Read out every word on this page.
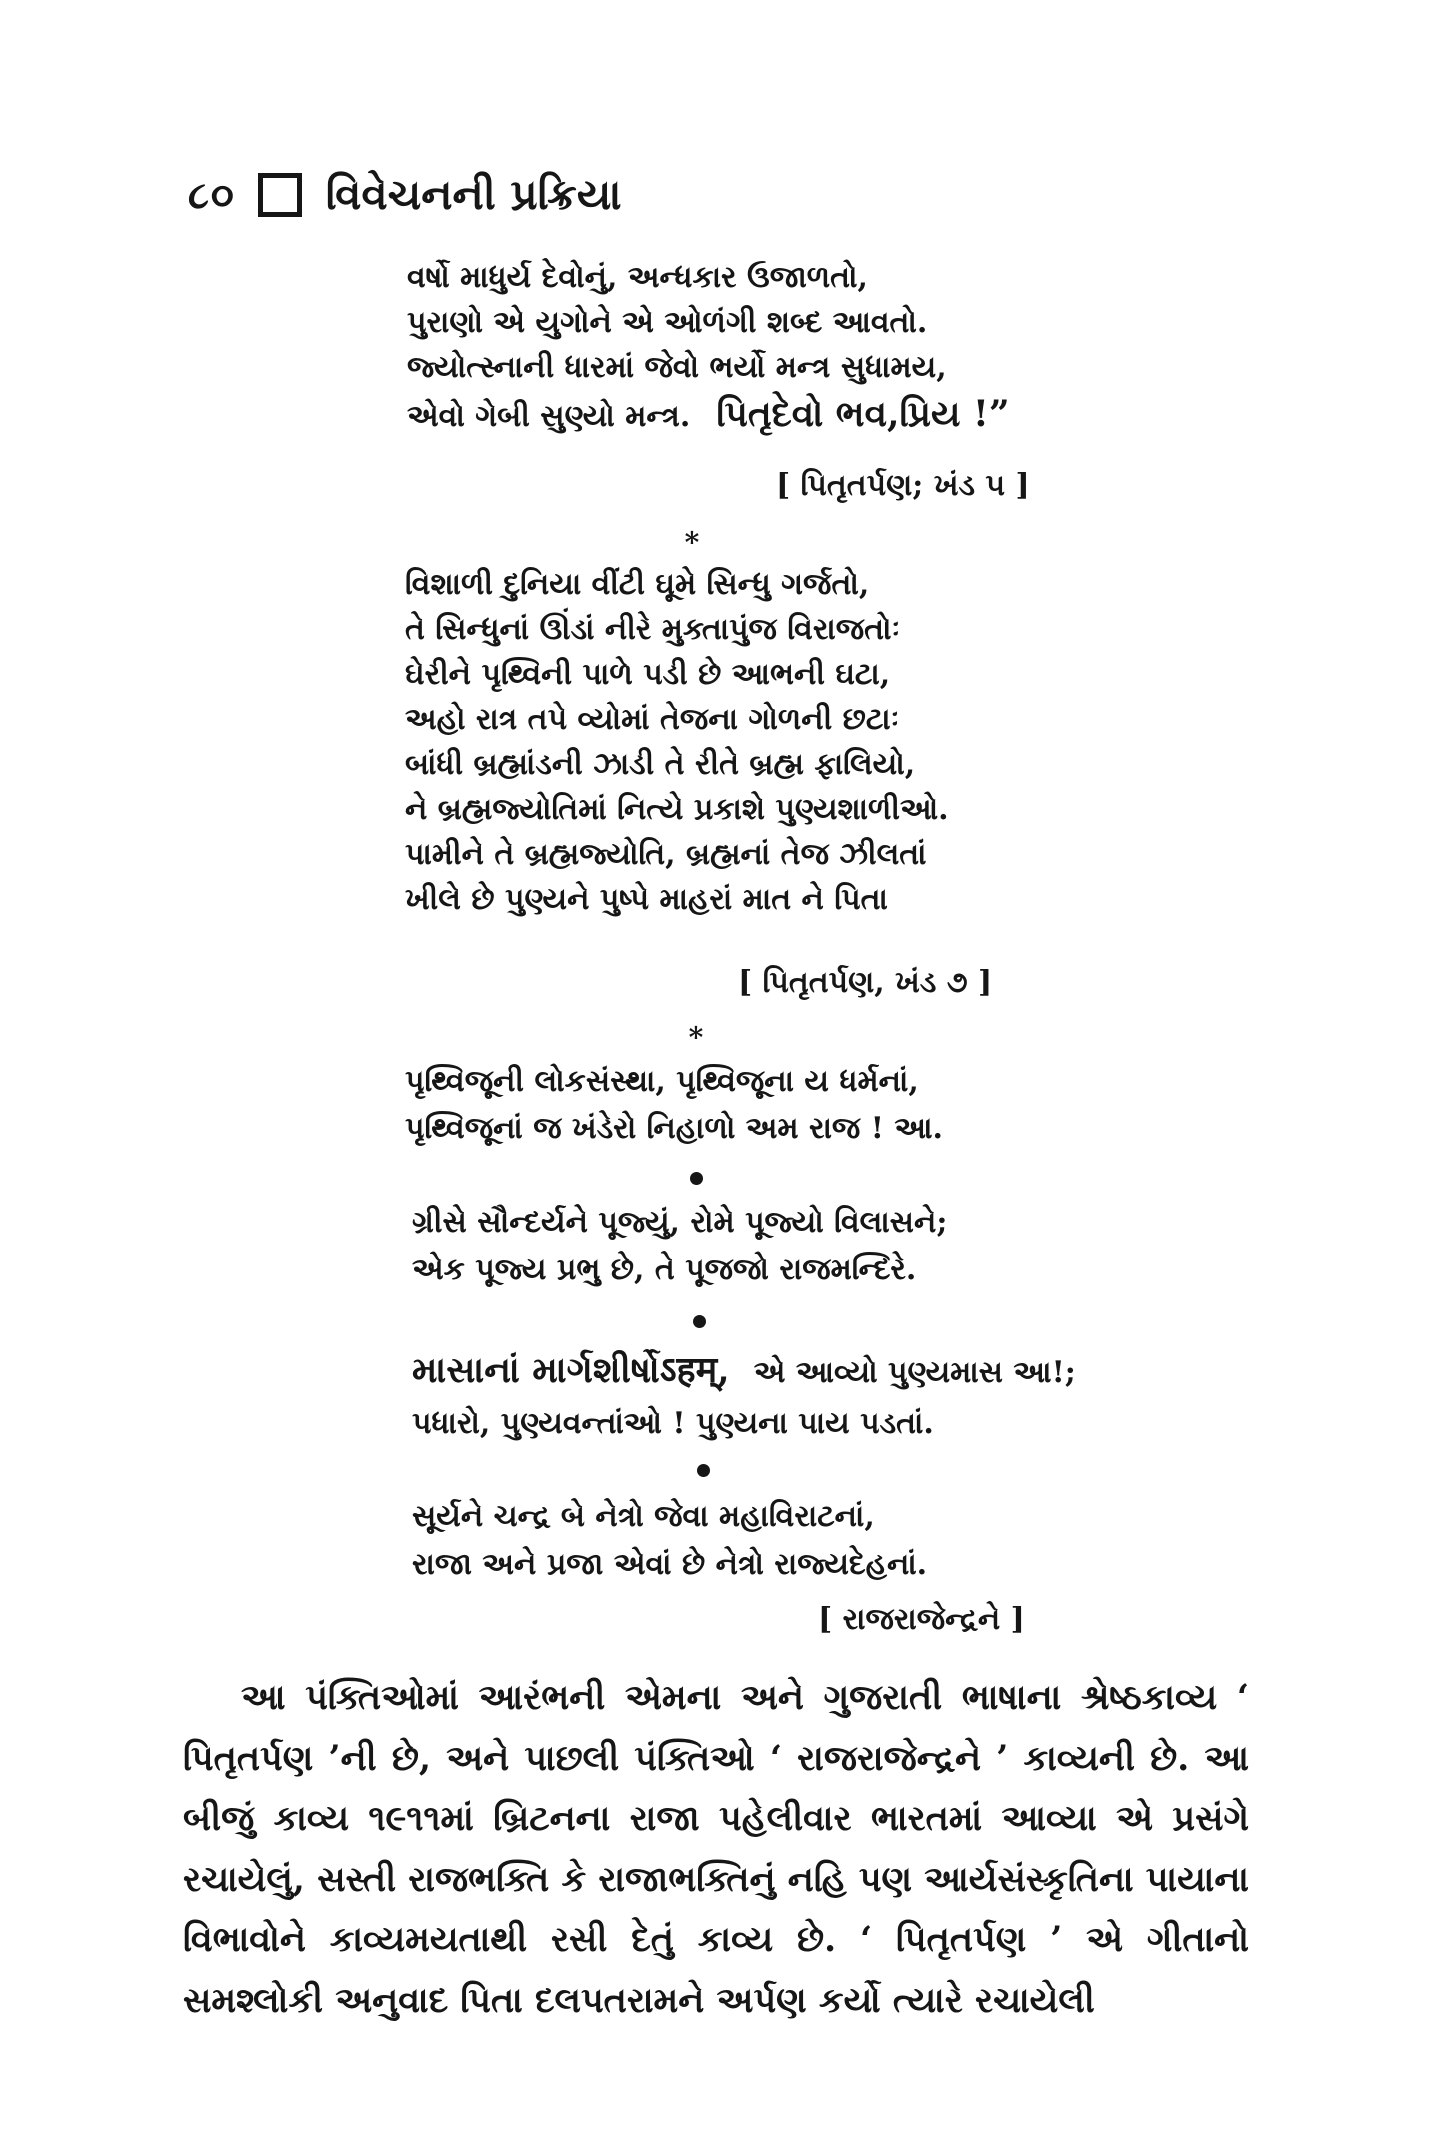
૮૦ વિવેચનની પ્રક્રિયા
વર્ષો માધુર્ય દેવોનું, અન્ધકાર ઉજાળતો,
પુરાણો એ યુગોને એ ઓળંગી શબ્દ આવતો.
જ્યોત્સ્નાની ધારમાં જેવો ભર્યો મન્ત્ર સુધામય,
એવો ગેબી સુણ્યો મન્ત્ર. પિતૃદેવો ભવ,પ્રિય !”
[ પિતૃતર્પણ; ખંડ ૫ ]
*
વિશાળી દુનિયા વીંટી ઘૂમે સિન્ધુ ગર્જતો,
તે સિન્ધુનાં ઊંડાં નીરે મુક્તાપુંજ વિરાજતોઃ
ઘેરીને પૃથ્વિની પાળે પડી છે આભની ઘટા,
અહો રાત્ર તપે વ્યોમાં તેજના ગોળની છટાઃ
બાંધી બ્રહ્માંડની ઝાડી તે રીતે બ્રહ્મ ફાલિયો,
ને બ્રહ્મજ્યોતિમાં નિત્યે પ્રકાશે પુણ્યશાળીઓ.
પામીને તે બ્રહ્મજ્યોતિ, બ્રહ્મનાં તેજ ઝીલતાં
ખીલે છે પુણ્યને પુષ્પે માહરાં માત ને પિતા
[ પિતૃતર્પણ, ખંડ ૭ ]
*
પૃથ્વિજૂની લોકસંસ્થા, પૃથ્વિજૂના ય ધર્મનાં,
પૃથ્વિજૂનાં જ ખંડેરો નિહાળો અમ રાજ ! આ.
ગ્રીસે સૌન્દર્યને પૂજ્યું, રોમે પૂજ્યો વિલાસને;
એક પૂજ્ય પ્રભુ છે, તે પૂજજો રાજમન્દિરે.
માસાનાં માર્ગશીર્ષોऽहम्, એ આવ્યો પુણ્યમાસ આ!;
પધારો, પુણ્યવન્તાંઓ ! પુણ્યના પાય પડતાં.
સૂર્યને ચન્દ્ર બે નેત્રો જેવા મહાવિરાટનાં,
રાજા અને પ્રજા એવાં છે નેત્રો રાજ્યદેહનાં.
[ રાજરાજેન્દ્રને ]

આ પંક્તિઓમાં આરંભની એમના અને ગુજરાતી ભાષાના શ્રેષ્ઠકાવ્ય ‘ પિતૃતર્પણ ’ની છે, અને પાછલી પંક્તિઓ ‘ રાજરાજેન્દ્રને ’ કાવ્યની છે. આ બીજું કાવ્ય ૧૯૧૧માં બ્રિટનના રાજા પહેલીવાર ભારતમાં આવ્યા એ પ્રસંગે રચાયેલું, સસ્તી રાજભક્તિ કે રાજાભક્તિનું નહિ પણ આર્યસંસ્કૃતિના પાયાના વિભાવોને કાવ્યમયતાથી રસી દેતું કાવ્ય છે. ‘ પિતૃતર્પણ ’ એ ગીતાનો સમશ્લોકી અનુવાદ પિતા દલપતરામને અર્પણ કર્યો ત્યારે રચાયેલી
